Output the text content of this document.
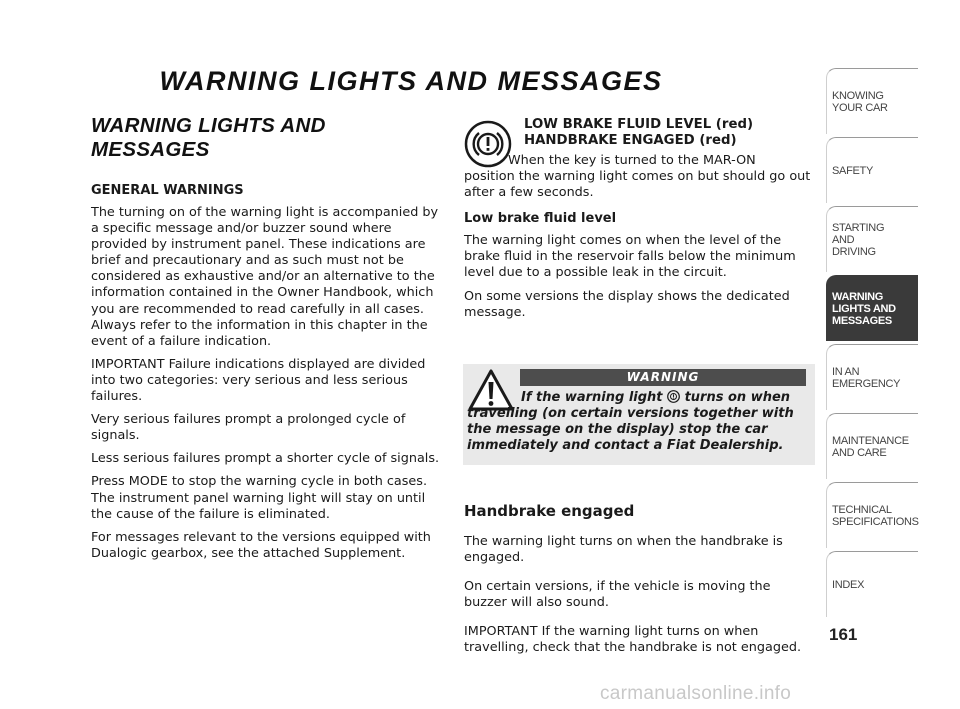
WARNING LIGHTS AND MESSAGES
WARNING LIGHTS AND MESSAGES
GENERAL WARNINGS

The turning on of the warning light is accompanied by a specific message and/or buzzer sound where provided by instrument panel. These indications are brief and precautionary and as such must not be considered as exhaustive and/or an alternative to the information contained in the Owner Handbook, which you are recommended to read carefully in all cases. Always refer to the information in this chapter in the event of a failure indication.

IMPORTANT Failure indications displayed are divided into two categories: very serious and less serious failures.

Very serious failures prompt a prolonged cycle of signals.

Less serious failures prompt a shorter cycle of signals.

Press MODE to stop the warning cycle in both cases. The instrument panel warning light will stay on until the cause of the failure is eliminated.

For messages relevant to the versions equipped with Dualogic gearbox, see the attached Supplement.

LOW BRAKE FLUID LEVEL (red)
HANDBRAKE ENGAGED (red)
When the key is turned to the MAR-ON

position the warning light comes on but should go out after a few seconds.

Low brake fluid level

The warning light comes on when the level of the brake fluid in the reservoir falls below the minimum level due to a possible leak in the circuit.

On some versions the display shows the dedicated message.

WARNING
If the warning light turns on when
travelling (on certain versions together with the message on the display) stop the car immediately and contact a Fiat Dealership.
Handbrake engaged

The warning light turns on when the handbrake is engaged.

On certain versions, if the vehicle is moving the buzzer will also sound.

IMPORTANT If the warning light turns on when travelling, check that the handbrake is not engaged.

KNOWING
YOUR CAR
SAFETY
STARTING
AND
DRIVING
WARNING
LIGHTS AND
MESSAGES
IN AN
EMERGENCY
MAINTENANCE
AND CARE
TECHNICAL
SPECIFICATIONS
INDEX
161
carmanualsonline.info
